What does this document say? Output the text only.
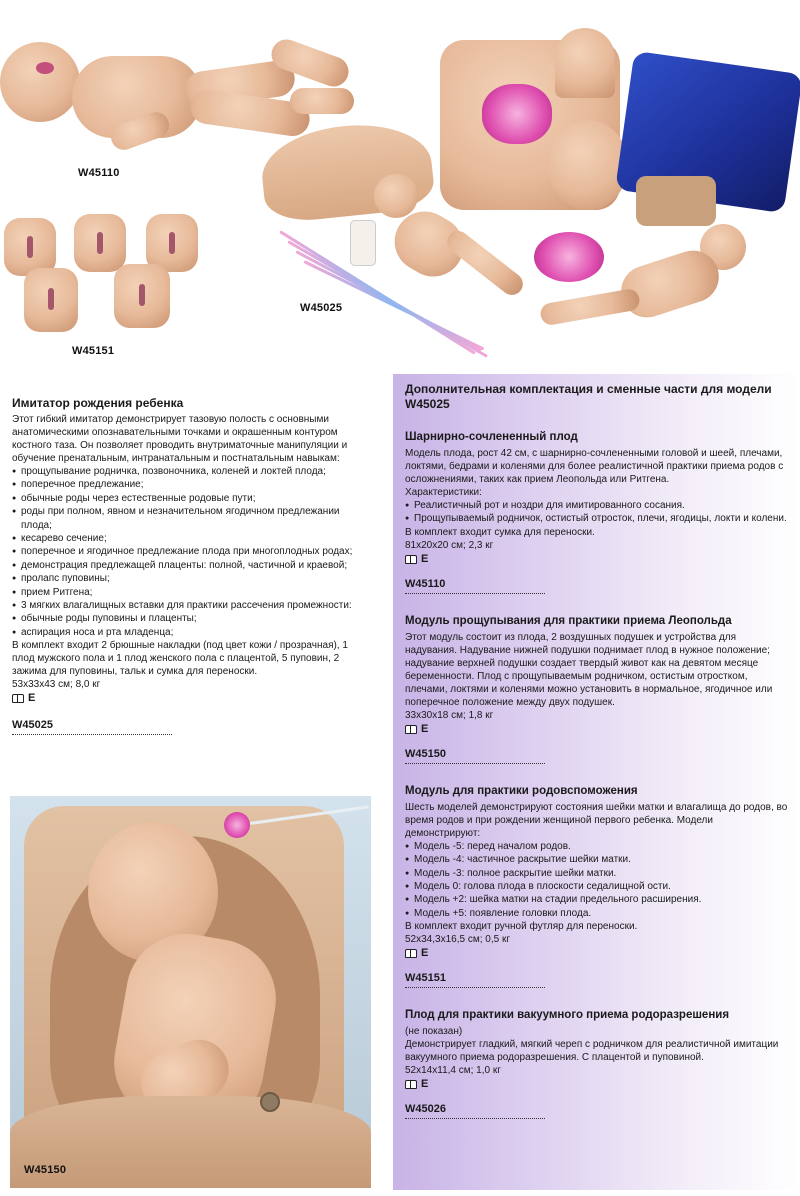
W45110
W45151
W45025

Имитатор рождения ребенка

Этот гибкий имитатор демонстрирует тазовую полость с основными анатомическими опознавательными точками и окрашенным контуром костного таза. Он позволяет проводить внутриматочные манипуляции и обучение пренатальным, интранатальным и постнатальным навыкам:

● прощупывание родничка, позвоночника, коленей и локтей плода;
● поперечное предлежание;
● обычные роды через естественные родовые пути;
● роды при полном, явном и незначительном ягодичном предлежании плода;
● кесарево сечение;
● поперечное и ягодичное предлежание плода при многоплодных родах;
● демонстрация предлежащей плаценты: полной, частичной и краевой;
● пролапс пуповины;
● прием Ритгена;
● 3 мягких влагалищных вставки для практики рассечения промежности:
● обычные роды пуповины и плаценты;
● аспирация носа и рта младенца;

В комплект входит 2 брюшные накладки (под цвет кожи / прозрачная), 1 плод мужского пола и 1 плод женского пола с плацентой, 5 пуповин, 2 зажима для пуповины, тальк и сумка для переноски.

53х33х43 см; 8,0 кг

E
W45025
W45150

Дополнительная комплектация и сменные части для модели W45025

Шарнирно-сочлененный плод

Модель плода, рост 42 см, с шарнирно-сочлененными головой и шеей, плечами, локтями, бедрами и коленями для более реалистичной практики приема родов с осложнениями, таких как прием Леопольда или Ритгена.

Характеристики:

● Реалистичный рот и ноздри для имитированного сосания.
● Прощупываемый родничок, остистый отросток, плечи, ягодицы, локти и колени.

В комплект входит сумка для переноски.

81х20х20 см; 2,3 кг

E
W45110

Модуль прощупывания для практики приема Леопольда

Этот модуль состоит из плода, 2 воздушных подушек и устройства для надувания. Надувание нижней подушки поднимает плод в нужное положение; надувание верхней подушки создает твердый живот как на девятом месяце беременности. Плод с прощупываемым родничком, остистым отростком, плечами, локтями и коленями можно установить в нормальное, ягодичное или поперечное положение между двух подушек.

33х30х18 см; 1,8 кг

E
W45150

Модуль для практики родовспоможения

Шесть моделей демонстрируют состояния шейки матки и влагалища до родов, во время родов и при рождении женщиной первого ребенка. Модели демонстрируют:

● Модель -5: перед началом родов.
● Модель -4: частичное раскрытие шейки матки.
● Модель -3: полное раскрытие шейки матки.
● Модель 0: голова плода в плоскости седалищной ости.
● Модель +2: шейка матки на стадии предельного расширения.
● Модель +5: появление головки плода.

В комплект входит ручной футляр для переноски.

52х34,3х16,5 см; 0,5 кг

E
W45151

Плод для практики вакуумного приема родоразрешения

(не показан)

Демонстрирует гладкий, мягкий череп с родничком для реалистичной имитации вакуумного приема родоразрешения. С плацентой и пуповиной.

52х14х11,4 см; 1,0 кг

E
W45026
